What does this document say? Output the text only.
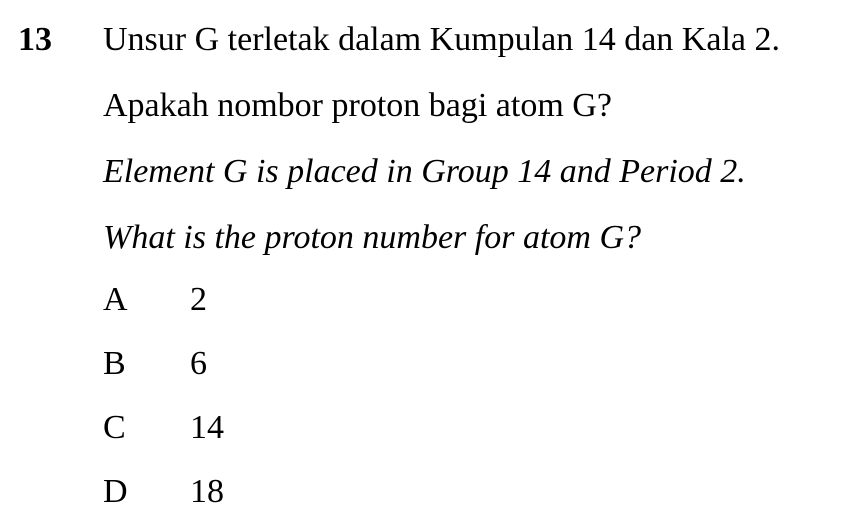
13 Unsur G terletak dalam Kumpulan 14 dan Kala 2.
Apakah nombor proton bagi atom G?
Element G is placed in Group 14 and Period 2.
What is the proton number for atom G?
A 2
B 6
C 14
D 18
